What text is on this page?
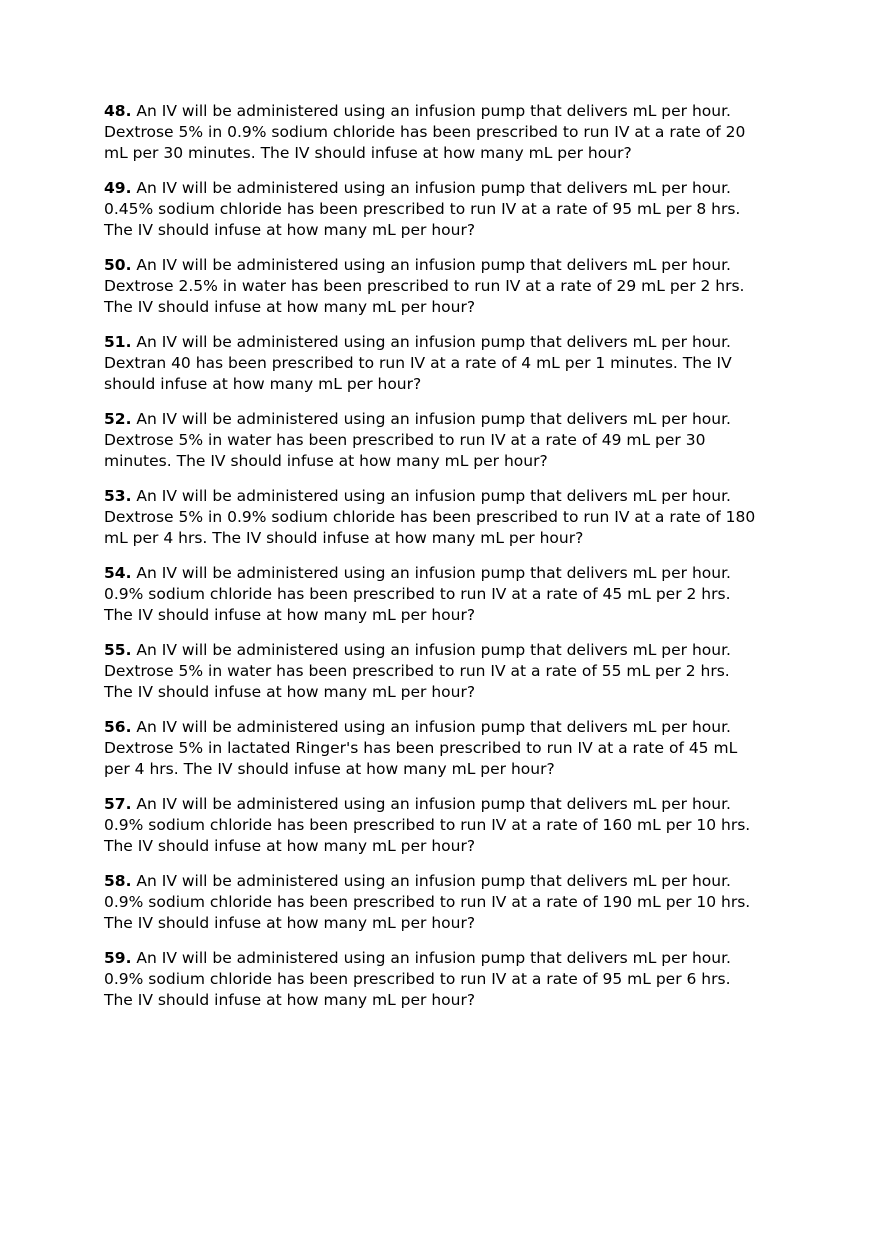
48. An IV will be administered using an infusion pump that delivers mL per hour.
Dextrose 5% in 0.9% sodium chloride has been prescribed to run IV at a rate of 20
mL per 30 minutes. The IV should infuse at how many mL per hour?

49. An IV will be administered using an infusion pump that delivers mL per hour.
0.45% sodium chloride has been prescribed to run IV at a rate of 95 mL per 8 hrs.
The IV should infuse at how many mL per hour?

50. An IV will be administered using an infusion pump that delivers mL per hour.
Dextrose 2.5% in water has been prescribed to run IV at a rate of 29 mL per 2 hrs.
The IV should infuse at how many mL per hour?

51. An IV will be administered using an infusion pump that delivers mL per hour.
Dextran 40 has been prescribed to run IV at a rate of 4 mL per 1 minutes. The IV
should infuse at how many mL per hour?

52. An IV will be administered using an infusion pump that delivers mL per hour.
Dextrose 5% in water has been prescribed to run IV at a rate of 49 mL per 30
minutes. The IV should infuse at how many mL per hour?

53. An IV will be administered using an infusion pump that delivers mL per hour.
Dextrose 5% in 0.9% sodium chloride has been prescribed to run IV at a rate of 180
mL per 4 hrs. The IV should infuse at how many mL per hour?

54. An IV will be administered using an infusion pump that delivers mL per hour.
0.9% sodium chloride has been prescribed to run IV at a rate of 45 mL per 2 hrs.
The IV should infuse at how many mL per hour?

55. An IV will be administered using an infusion pump that delivers mL per hour.
Dextrose 5% in water has been prescribed to run IV at a rate of 55 mL per 2 hrs.
The IV should infuse at how many mL per hour?

56. An IV will be administered using an infusion pump that delivers mL per hour.
Dextrose 5% in lactated Ringer's has been prescribed to run IV at a rate of 45 mL
per 4 hrs. The IV should infuse at how many mL per hour?

57. An IV will be administered using an infusion pump that delivers mL per hour.
0.9% sodium chloride has been prescribed to run IV at a rate of 160 mL per 10 hrs.
The IV should infuse at how many mL per hour?

58. An IV will be administered using an infusion pump that delivers mL per hour.
0.9% sodium chloride has been prescribed to run IV at a rate of 190 mL per 10 hrs.
The IV should infuse at how many mL per hour?

59. An IV will be administered using an infusion pump that delivers mL per hour.
0.9% sodium chloride has been prescribed to run IV at a rate of 95 mL per 6 hrs.
The IV should infuse at how many mL per hour?
